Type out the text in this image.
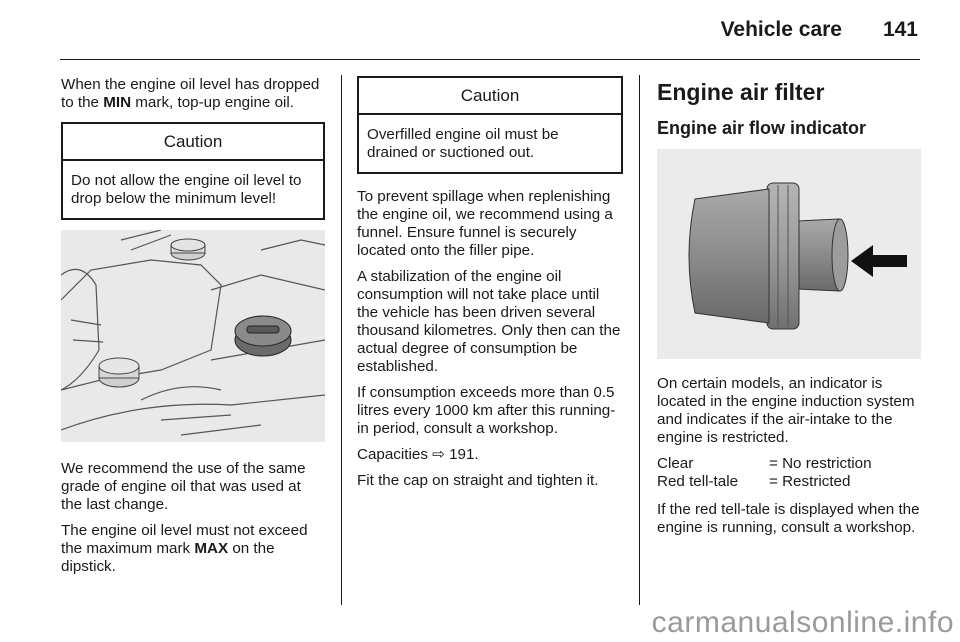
Vehicle care 141

When the engine oil level has dropped to the MIN mark, top-up engine oil.

Caution
Do not allow the engine oil level to drop below the minimum level!

We recommend the use of the same grade of engine oil that was used at the last change.

The engine oil level must not exceed the maximum mark MAX on the dipstick.

Caution
Overfilled engine oil must be drained or suctioned out.

To prevent spillage when replenishing the engine oil, we recommend using a funnel. Ensure funnel is securely located onto the filler pipe.

A stabilization of the engine oil consumption will not take place until the vehicle has been driven several thousand kilometres. Only then can the actual degree of consumption be established.

If consumption exceeds more than 0.5 litres every 1000 km after this running-in period, consult a workshop.

Capacities ⇨ 191.

Fit the cap on straight and tighten it.

Engine air filter
Engine air flow indicator

On certain models, an indicator is located in the engine induction system and indicates if the air-intake to the engine is restricted.

Clear	= No restriction
Red tell-tale	= Restricted

If the red tell-tale is displayed when the engine is running, consult a workshop.

carmanualsonline.info
